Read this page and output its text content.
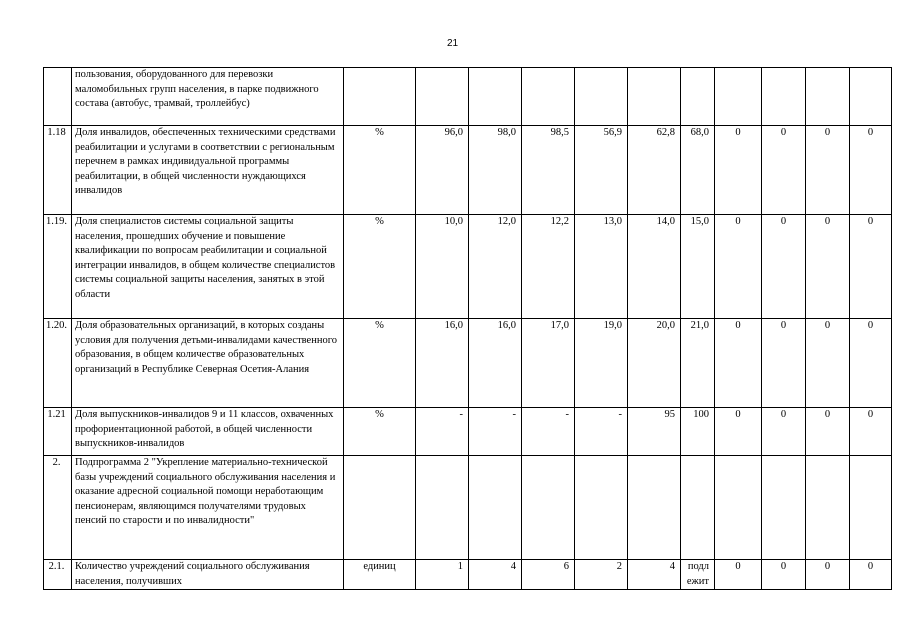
21
	пользования, оборудованного для перевозки маломобильных групп населения, в парке подвижного состава (автобус, трамвай, троллейбус)											
1.18	Доля инвалидов, обеспеченных техническими средствами реабилитации и услугами в соответствии с региональным перечнем в рамках индивидуальной программы реабилитации, в общей численности нуждающихся инвалидов	%	96,0	98,0	98,5	56,9	62,8	68,0	0	0	0	0
1.19.	Доля специалистов системы социальной защиты населения, прошедших обучение и повышение квалификации по вопросам реабилитации и социальной интеграции инвалидов, в общем количестве специалистов системы социальной защиты населения, занятых в этой области	%	10,0	12,0	12,2	13,0	14,0	15,0	0	0	0	0
1.20.	Доля образовательных организаций, в которых созданы условия для получения детьми-инвалидами качественного образования, в общем количестве образовательных организаций в Республике Северная Осетия-Алания	%	16,0	16,0	17,0	19,0	20,0	21,0	0	0	0	0
1.21	Доля выпускников-инвалидов 9 и 11 классов, охваченных профориентационной работой, в общей численности выпускников-инвалидов	%	-	-	-	-	95	100	0	0	0	0
2.	Подпрограмма 2 "Укрепление материально-технической базы учреждений социального обслуживания населения и оказание адресной социальной помощи неработающим пенсионерам, являющимся получателями трудовых пенсий по старости и по инвалидности"											
2.1.	Количество учреждений социального обслуживания населения, получивших	единиц	1	4	6	2	4	подл ежит	0	0	0	0
